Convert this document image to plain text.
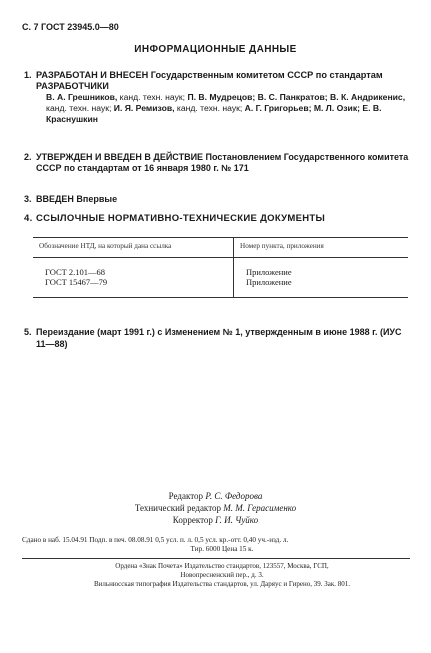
С. 7 ГОСТ 23945.0—80
ИНФОРМАЦИОННЫЕ ДАННЫЕ
1. РАЗРАБОТАН И ВНЕСЕН Государственным комитетом СССР по стандартам
РАЗРАБОТЧИКИ
В. А. Грешников, канд. техн. наук; П. В. Мудрецов; В. С. Панкратов; В. К. Андрикенис, канд. техн. наук; И. Я. Ремизов, канд. техн. наук; А. Г. Григорьев; М. Л. Озик; Е. В. Краснушкин
2. УТВЕРЖДЕН И ВВЕДЕН В ДЕЙСТВИЕ Постановлением Государственного комитета СССР по стандартам от 16 января 1980 г. № 171
3. ВВЕДЕН Впервые
4. ССЫЛОЧНЫЕ НОРМАТИВНО-ТЕХНИЧЕСКИЕ ДОКУМЕНТЫ
Обозначение НТД, на который дана ссылка	Номер пункта, приложения
ГОСТ 2.101—68	Приложение
ГОСТ 15467—79	Приложение
5. Переиздание (март 1991 г.) с Изменением № 1, утвержденным в июне 1988 г. (ИУС 11—88)
Редактор Р. С. Федорова
Технический редактор М. М. Герасименко
Корректор Г. И. Чуйко
Сдано в наб. 15.04.91 Подп. в печ. 08.08.91 0,5 усл. п. л. 0,5 усл. кр.-отт. 0,40 уч.-изд. л.
Тир. 6000 Цена 15 к.
Ордена «Знак Почета» Издательство стандартов, 123557, Москва, ГСП,
Новопресненский пер., д. 3.
Вильнюсская типография Издательства стандартов, ул. Даряус и Гирено, 39. Зак. 801.
